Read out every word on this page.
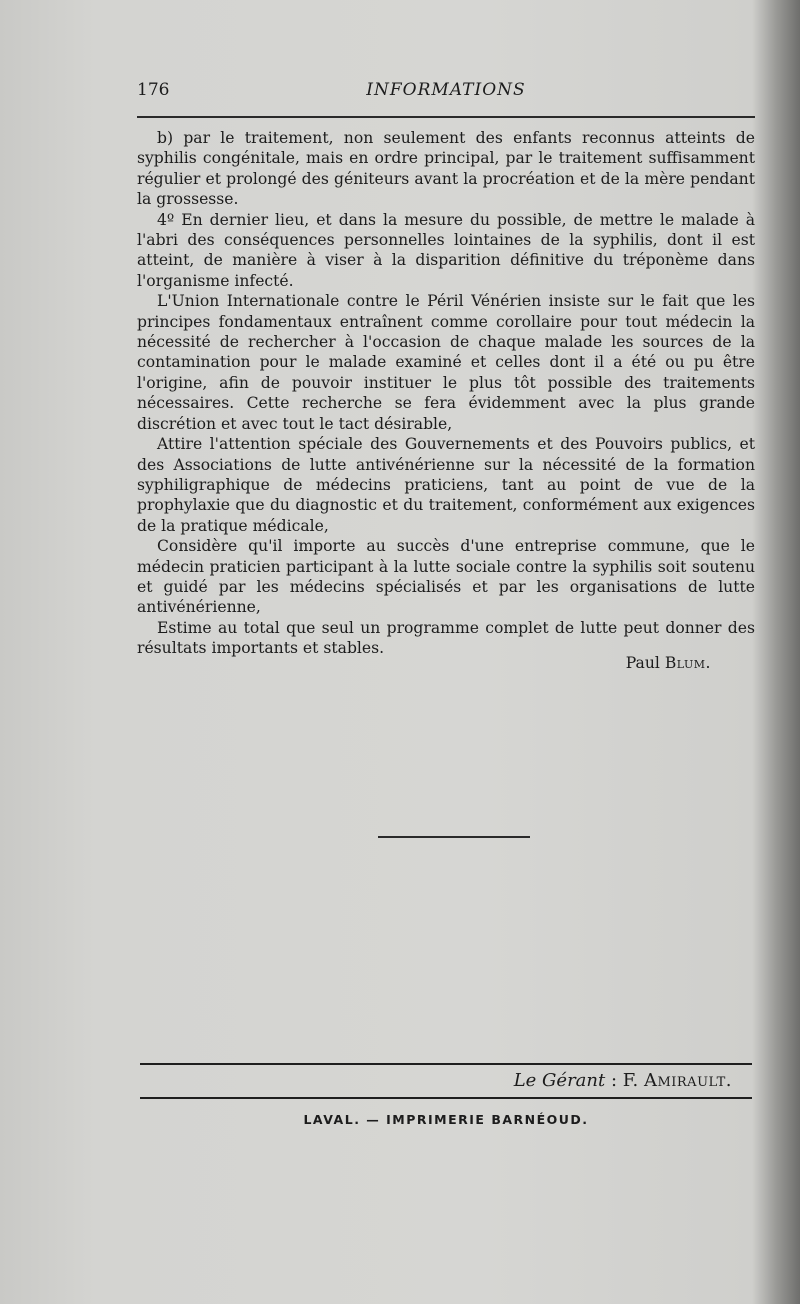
176	INFORMATIONS

b) par le traitement, non seulement des enfants reconnus atteints de syphilis congénitale, mais en ordre principal, par le traitement suffisamment régulier et prolongé des géniteurs avant la procréation et de la mère pendant la grossesse.

4º En dernier lieu, et dans la mesure du possible, de mettre le malade à l'abri des conséquences personnelles lointaines de la syphilis, dont il est atteint, de manière à viser à la disparition définitive du tréponème dans l'organisme infecté.

L'Union Internationale contre le Péril Vénérien insiste sur le fait que les principes fondamentaux entraînent comme corollaire pour tout médecin la nécessité de rechercher à l'occasion de chaque malade les sources de la contamination pour le malade examiné et celles dont il a été ou pu être l'origine, afin de pouvoir instituer le plus tôt possible des traitements nécessaires. Cette recherche se fera évidemment avec la plus grande discrétion et avec tout le tact désirable,

Attire l'attention spéciale des Gouvernements et des Pouvoirs publics, et des Associations de lutte antivénérienne sur la nécessité de la formation syphiligraphique de médecins praticiens, tant au point de vue de la prophylaxie que du diagnostic et du traitement, conformément aux exigences de la pratique médicale,

Considère qu'il importe au succès d'une entreprise commune, que le médecin praticien participant à la lutte sociale contre la syphilis soit soutenu et guidé par les médecins spécialisés et par les organisations de lutte antivénérienne,

Estime au total que seul un programme complet de lutte peut donner des résultats importants et stables.

Paul Blum.
Le Gérant : F. Amirault.
LAVAL. — IMPRIMERIE BARNÉOUD.
